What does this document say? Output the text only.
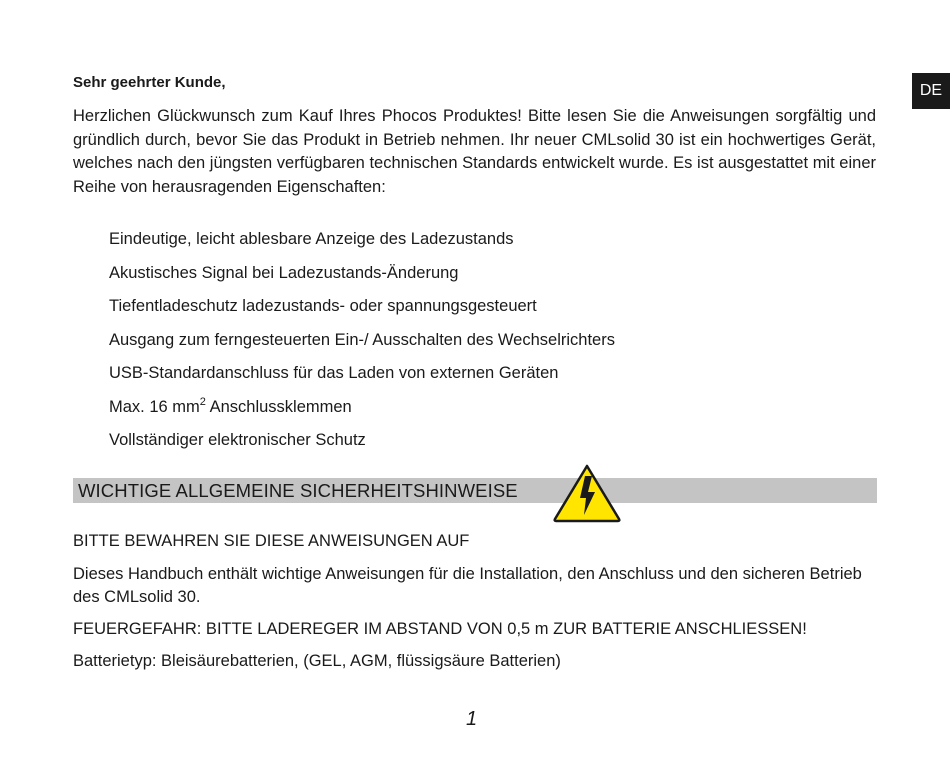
DE

Sehr geehrter Kunde,

Herzlichen Glückwunsch zum Kauf Ihres Phocos Produktes! Bitte lesen Sie die Anweisungen sorgfältig und gründlich durch, bevor Sie das Produkt in Betrieb nehmen. Ihr neuer CMLsolid 30 ist ein hochwertiges Gerät, welches nach den jüngsten verfügbaren technischen Standards entwickelt wurde. Es ist ausgestattet mit einer Reihe von herausragenden Eigenschaften:

Eindeutige, leicht ablesbare Anzeige des Ladezustands
Akustisches Signal bei Ladezustands-Änderung
Tiefentladeschutz ladezustands- oder spannungsgesteuert
Ausgang zum ferngesteuerten Ein-/ Ausschalten des Wechselrichters
USB-Standardanschluss für das Laden von externen Geräten
Max. 16 $mm^2$ Anschlussklemmen
Vollständiger elektronischer Schutz
WICHTIGE ALLGEMEINE SICHERHEITSHINWEISE

BITTE BEWAHREN SIE DIESE ANWEISUNGEN AUF

Dieses Handbuch enthält wichtige Anweisungen für die Installation, den Anschluss und den sicheren Betrieb des CMLsolid 30.

FEUERGEFAHR: BITTE LADEREGER IM ABSTAND VON 0,5 m ZUR BATTERIE ANSCHLIESSEN!

Batterietyp: Bleisäurebatterien, (GEL, AGM, flüssigsäure Batterien)

1
